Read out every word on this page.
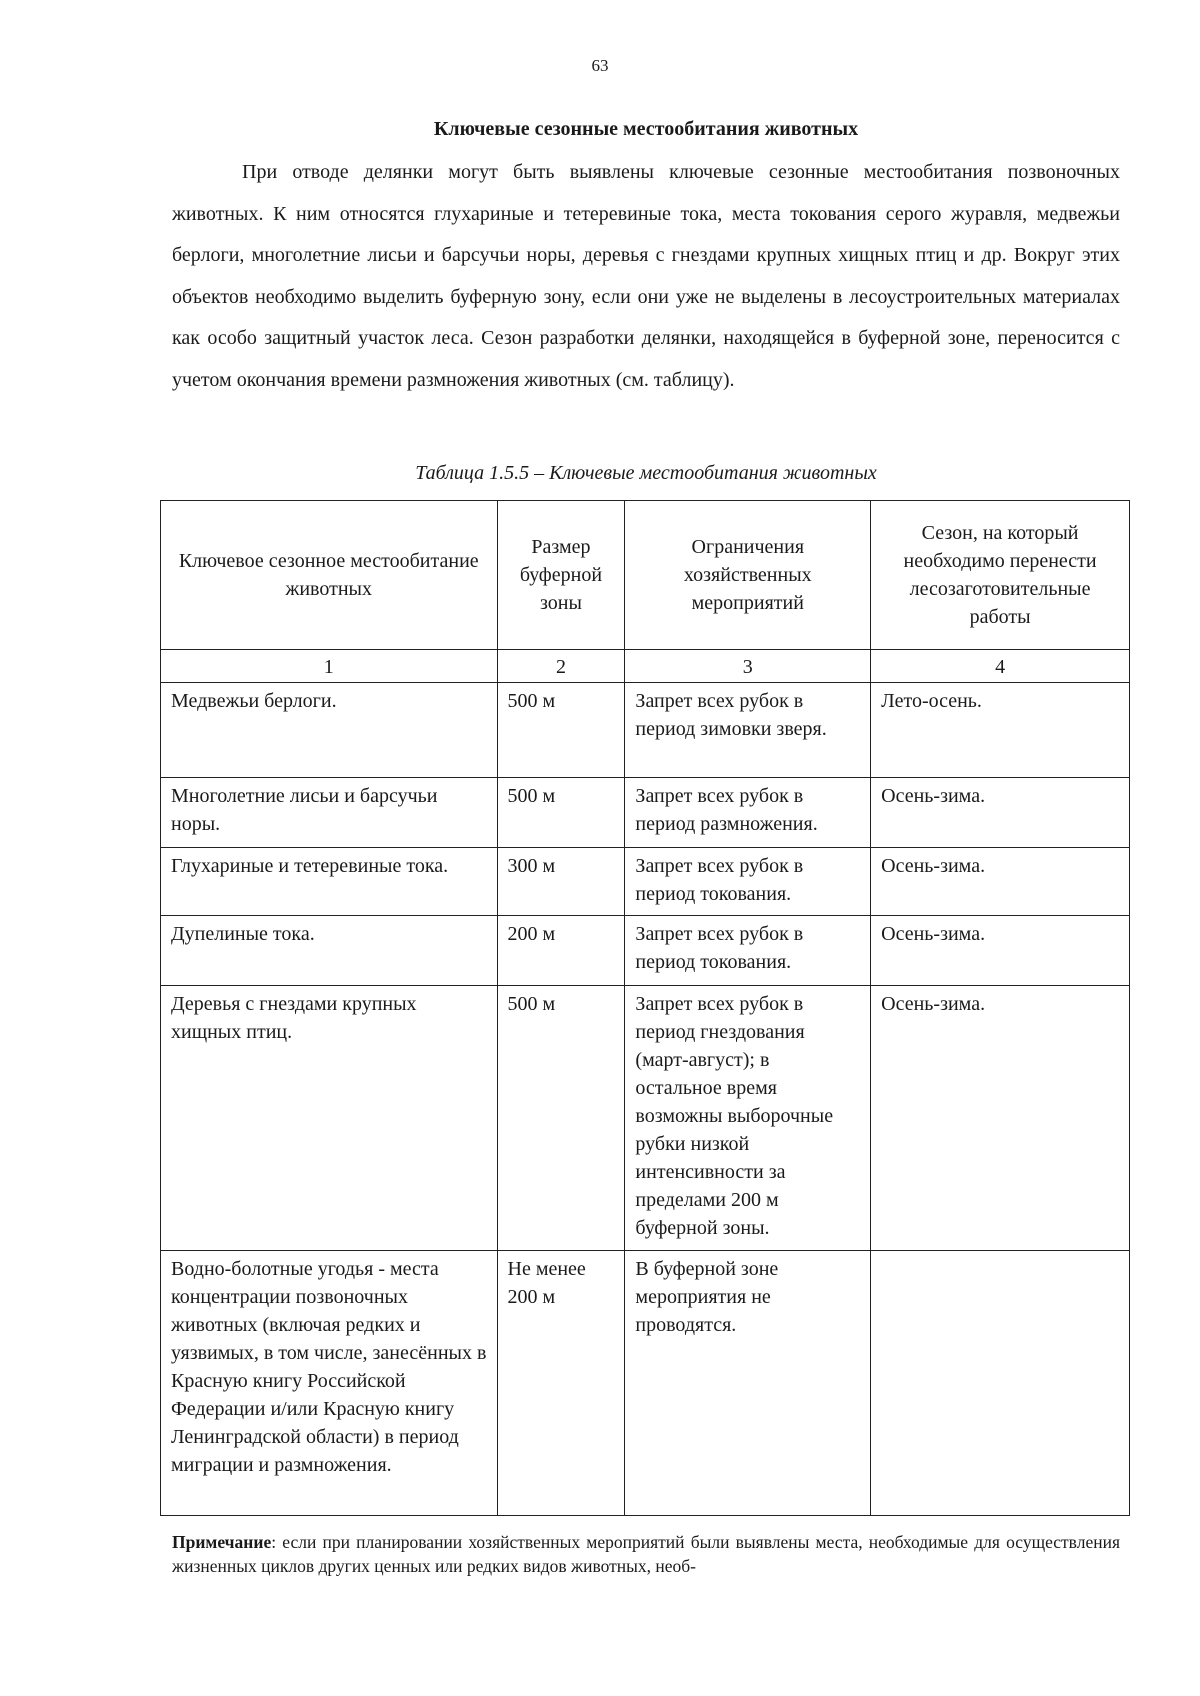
63
Ключевые сезонные местообитания животных

При отводе делянки могут быть выявлены ключевые сезонные местообитания позвоночных животных. К ним относятся глухариные и тетеревиные тока, места токования серого журавля, медвежьи берлоги, многолетние лисьи и барсучьи норы, деревья с гнездами крупных хищных птиц и др. Вокруг этих объектов необходимо выделить буферную зону, если они уже не выделены в лесоустроительных материалах как особо защитный участок леса. Сезон разработки делянки, находящейся в буферной зоне, переносится с учетом окончания времени размножения животных (см. таблицу).

Таблица 1.5.5 – Ключевые местообитания животных
Ключевое сезонное местообитание животных	Размер буферной зоны	Ограничения хозяйственных мероприятий	Сезон, на который необходимо перенести лесозаготовительные работы
1	2	3	4
Медвежьи берлоги.	500 м	Запрет всех рубок в период зимовки зверя.	Лето-осень.
Многолетние лисьи и барсучьи норы.	500 м	Запрет всех рубок в период размножения.	Осень-зима.
Глухариные и тетеревиные тока.	300 м	Запрет всех рубок в период токования.	Осень-зима.
Дупелиные тока.	200 м	Запрет всех рубок в период токования.	Осень-зима.
Деревья с гнездами крупных хищных птиц.	500 м	Запрет всех рубок в период гнездования (март-август); в остальное время возможны выборочные рубки низкой интенсивности за пределами 200 м буферной зоны.	Осень-зима.
Водно-болотные угодья - места концентрации позвоночных животных (включая редких и уязвимых, в том числе, занесённых в Красную книгу Российской Федерации и/или Красную книгу Ленинградской области) в период миграции и размножения.	Не менее 200 м	В буферной зоне мероприятия не проводятся.	

Примечание: если при планировании хозяйственных мероприятий были выявлены места, необходимые для осуществления жизненных циклов других ценных или редких видов животных, необ-
